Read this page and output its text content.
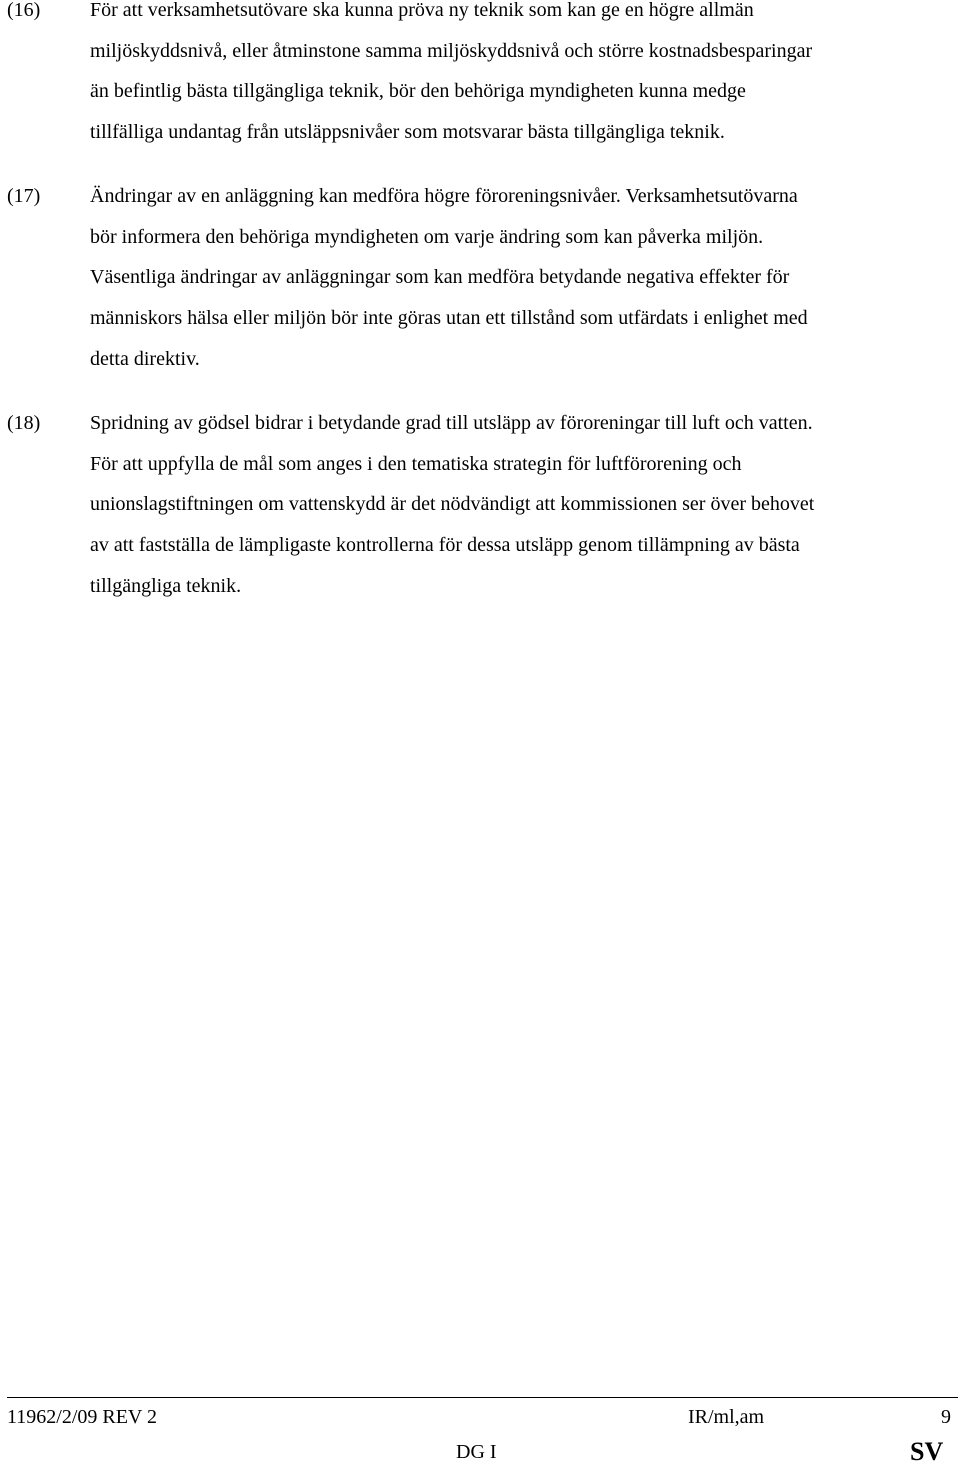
(16) För att verksamhetsutövare ska kunna pröva ny teknik som kan ge en högre allmän
miljöskyddsnivå, eller åtminstone samma miljöskyddsnivå och större kostnadsbesparingar
än befintlig bästa tillgängliga teknik, bör den behöriga myndigheten kunna medge
tillfälliga undantag från utsläppsnivåer som motsvarar bästa tillgängliga teknik.
(17) Ändringar av en anläggning kan medföra högre föroreningsnivåer. Verksamhetsutövarna
bör informera den behöriga myndigheten om varje ändring som kan påverka miljön.
Väsentliga ändringar av anläggningar som kan medföra betydande negativa effekter för
människors hälsa eller miljön bör inte göras utan ett tillstånd som utfärdats i enlighet med
detta direktiv.
(18) Spridning av gödsel bidrar i betydande grad till utsläpp av föroreningar till luft och vatten.
För att uppfylla de mål som anges i den tematiska strategin för luftförorening och
unionslagstiftningen om vattenskydd är det nödvändigt att kommissionen ser över behovet
av att fastställa de lämpligaste kontrollerna för dessa utsläpp genom tillämpning av bästa
tillgängliga teknik.
11962/2/09 REV 2	IR/ml,am	9
DG I	SV
